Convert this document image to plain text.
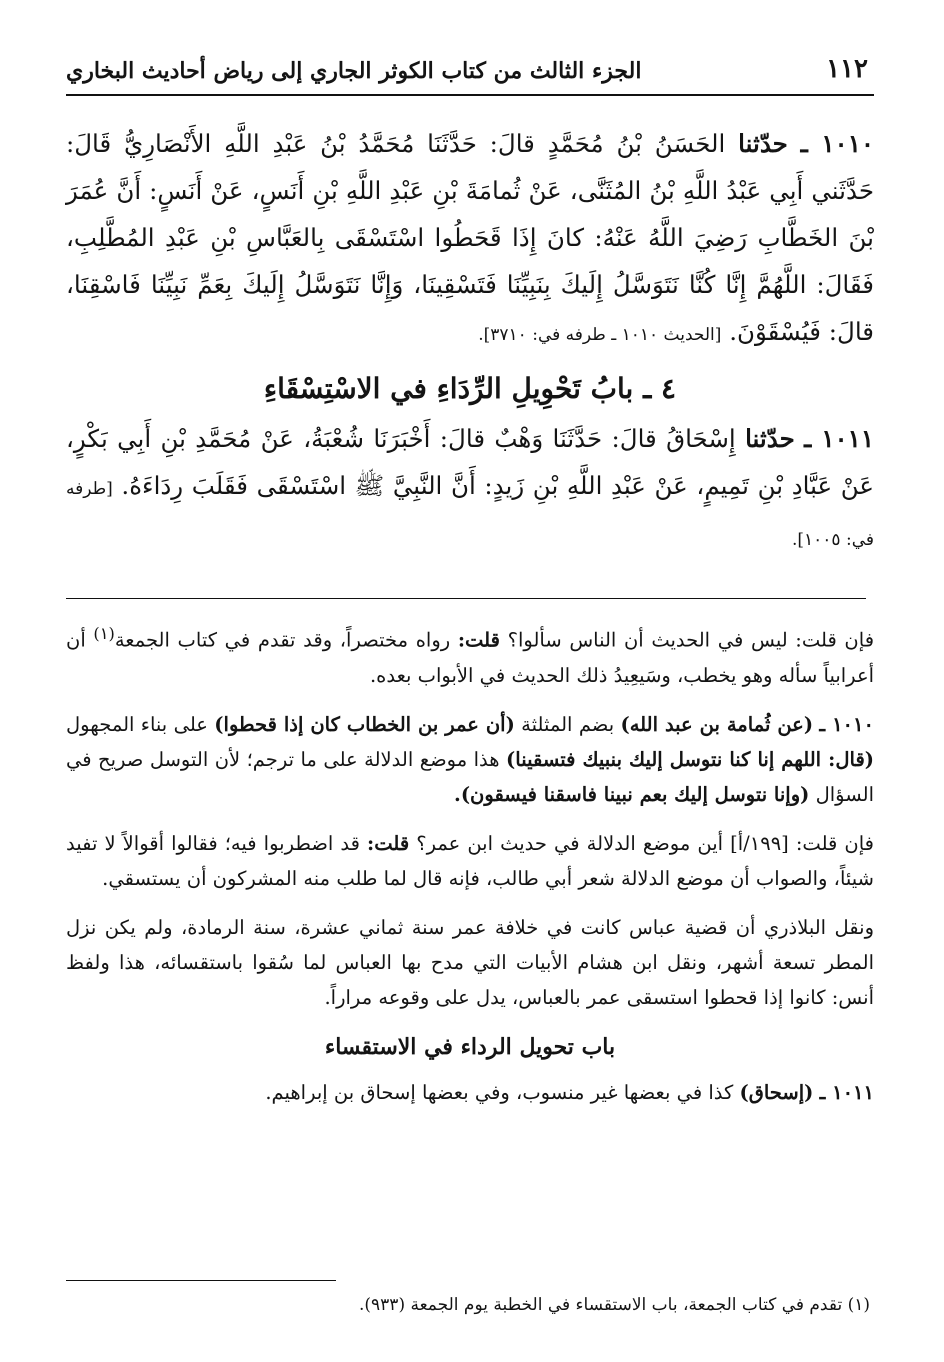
١١٢
الجزء الثالث من كتاب الكوثر الجاري إلى رياض أحاديث البخاري

١٠١٠ ـ حدّثنا الحَسَنُ بْنُ مُحَمَّدٍ قالَ: حَدَّثَنَا مُحَمَّدُ بْنُ عَبْدِ اللَّهِ الأَنْصَارِيُّ قَالَ: حَدَّثَني أَبِي عَبْدُ اللَّهِ بْنُ المُثَنَّى، عَنْ ثُمامَةَ بْنِ عَبْدِ اللَّهِ بْنِ أَنَسٍ، عَنْ أَنَسٍ: أَنَّ عُمَرَ بْنَ الخَطَّابِ رَضِيَ اللَّهُ عَنْهُ: كانَ إِذَا قَحَطُوا اسْتَسْقَى بِالعَبَّاسِ بْنِ عَبْدِ المُطَّلِبِ، فَقَالَ: اللَّهُمَّ إِنَّا كُنَّا نَتَوَسَّلُ إِلَيكَ بِنَبِيِّنَا فَتَسْقِينَا، وَإِنَّا نَتَوَسَّلُ إِلَيكَ بِعَمِّ نَبِيِّنَا فَاسْقِنَا، قالَ: فَيُسْقَوْنَ. [الحديث ١٠١٠ ـ طرفه في: ٣٧١٠].

٤ ـ بابُ تَحْوِيلِ الرِّدَاءِ في الاسْتِسْقَاءِ

١٠١١ ـ حدّثنا إِسْحَاقُ قالَ: حَدَّثَنَا وَهْبٌ قالَ: أَخْبَرَنَا شُعْبَةُ، عَنْ مُحَمَّدِ بْنِ أَبِي بَكْرٍ، عَنْ عَبَّادِ بْنِ تَمِيمٍ، عَنْ عَبْدِ اللَّهِ بْنِ زَيدٍ: أَنَّ النَّبِيَّ ﷺ اسْتَسْقَى فَقَلَبَ رِدَاءَهُ. [طرفه في: ١٠٠٥].

فإن قلت: ليس في الحديث أن الناس سألوا؟ قلت: رواه مختصراً، وقد تقدم في كتاب الجمعة$^{(١)}$ أن أعرابياً سأله وهو يخطب، وسَيعِيدُ ذلك الحديث في الأبواب بعده.

١٠١٠ ـ (عن ثُمامة بن عبد الله) بضم المثلثة (أن عمر بن الخطاب كان إذا قحطوا) على بناء المجهول (قال: اللهم إنا كنا نتوسل إليك بنبيك فتسقينا) هذا موضع الدلالة على ما ترجم؛ لأن التوسل صريح في السؤال (وإنا نتوسل إليك بعم نبينا فاسقنا فيسقون).

فإن قلت: [١٩٩/أ] أين موضع الدلالة في حديث ابن عمر؟ قلت: قد اضطربوا فيه؛ فقالوا أقوالاً لا تفيد شيئاً، والصواب أن موضع الدلالة شعر أبي طالب، فإنه قال لما طلب منه المشركون أن يستسقي.

ونقل البلاذري أن قضية عباس كانت في خلافة عمر سنة ثماني عشرة، سنة الرمادة، ولم يكن نزل المطر تسعة أشهر، ونقل ابن هشام الأبيات التي مدح بها العباس لما سُقوا باستقسائه، هذا ولفظ أنس: كانوا إذا قحطوا استسقى عمر بالعباس، يدل على وقوعه مراراً.

باب تحويل الرداء في الاستقساء

١٠١١ ـ (إسحاق) كذا في بعضها غير منسوب، وفي بعضها إسحاق بن إبراهيم.

(١) تقدم في كتاب الجمعة، باب الاستقساء في الخطبة يوم الجمعة (٩٣٣).
